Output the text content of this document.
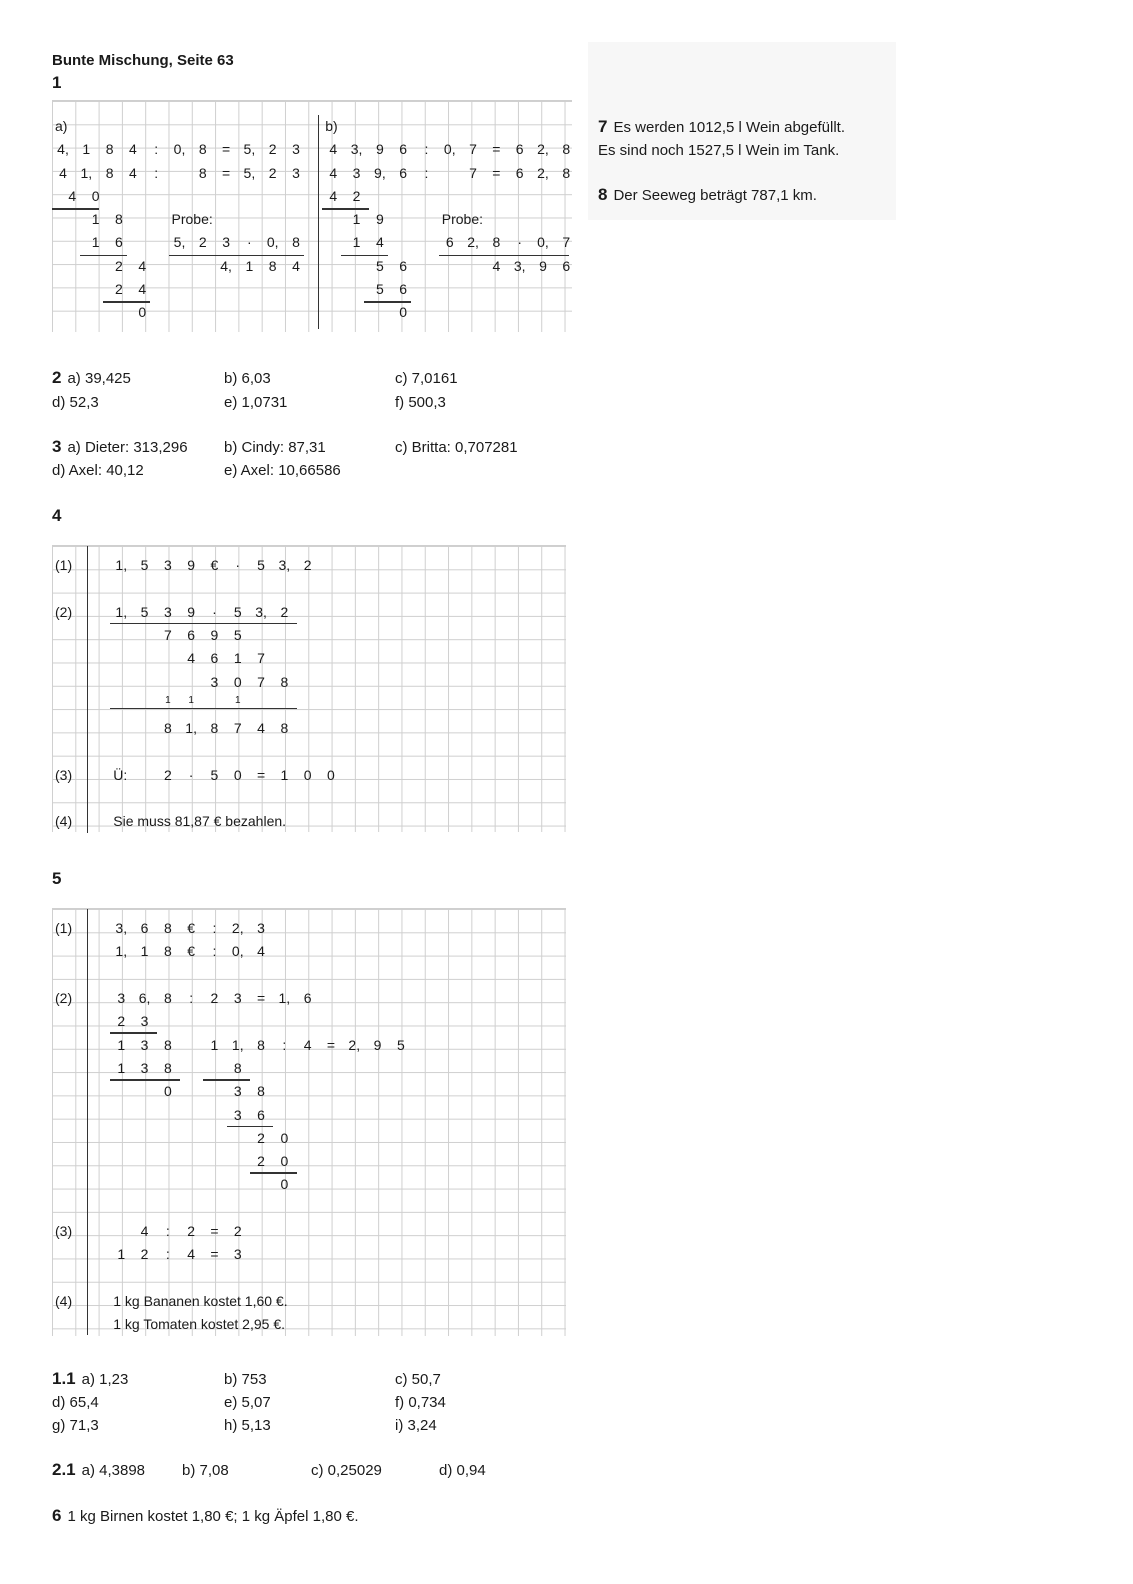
Bunte Mischung, Seite 63
1
a)	b)
4, 1	8	4	:	0, 8	= 5, 2	3
4 1, 8	4	:	8	= 5, 2	3
4	0
1	8
1	6
2	4
2	4
0
Probe:
5, 2	3	·	0, 8
4, 1	8	4
4 3, 9	6	:	0, 7	=	6 2, 8
4	3 9, 6	:	7	=	6 2, 8
4	2
1	9
1	4
5	6
5	6
0
Probe:
6 2, 8	·	0, 7
4 3, 9	6
2 a) 39,425	b) 6,03	c) 7,0161
d) 52,3	e) 1,0731	f) 500,3
3 a) Dieter: 313,296 b) Cindy: 87,31	c) Britta: 0,707281
d) Axel: 40,12	e) Axel: 10,66586
4
(1)	1, 5	3	9	€	·	5 3, 2
(2)	1, 5	3	9	·	5 3, 2
7	6	9	5
4	6	1	7
3	0	7	8
1	1	1
8 1, 8	7	4	8
(3)	Ü:	2	·	5	0	=	1	0	0
(4)	Sie muss 81,87 € bezahlen.
5
(1)	3, 6	8	€	:	2, 3
1, 1	8	€	:	0, 4
(2)	3 6, 8	:	2	3	= 1, 6
2	3
1	3	8
1	3	8
0
1 1, 8	:	4	= 2, 9	5
8
3	8
3	6
2	0
2	0
0
(3)	4	:	2	=	2
1	2	:	4	=	3
(4)	1 kg Bananen kostet 1,60 €.
1 kg Tomaten kostet 2,95 €.
1.1 a) 1,23	b) 753	c) 50,7
d) 65,4	e) 5,07	f) 0,734
g) 71,3	h) 5,13	i) 3,24
2.1 a) 4,3898 b) 7,08	c) 0,25029	d) 0,94
6 1 kg Birnen kostet 1,80 €; 1 kg Äpfel 1,80 €.
7 Es werden 1012,5 l Wein abgefüllt.
Es sind noch 1527,5 l Wein im Tank.
8 Der Seeweg beträgt 787,1 km.
